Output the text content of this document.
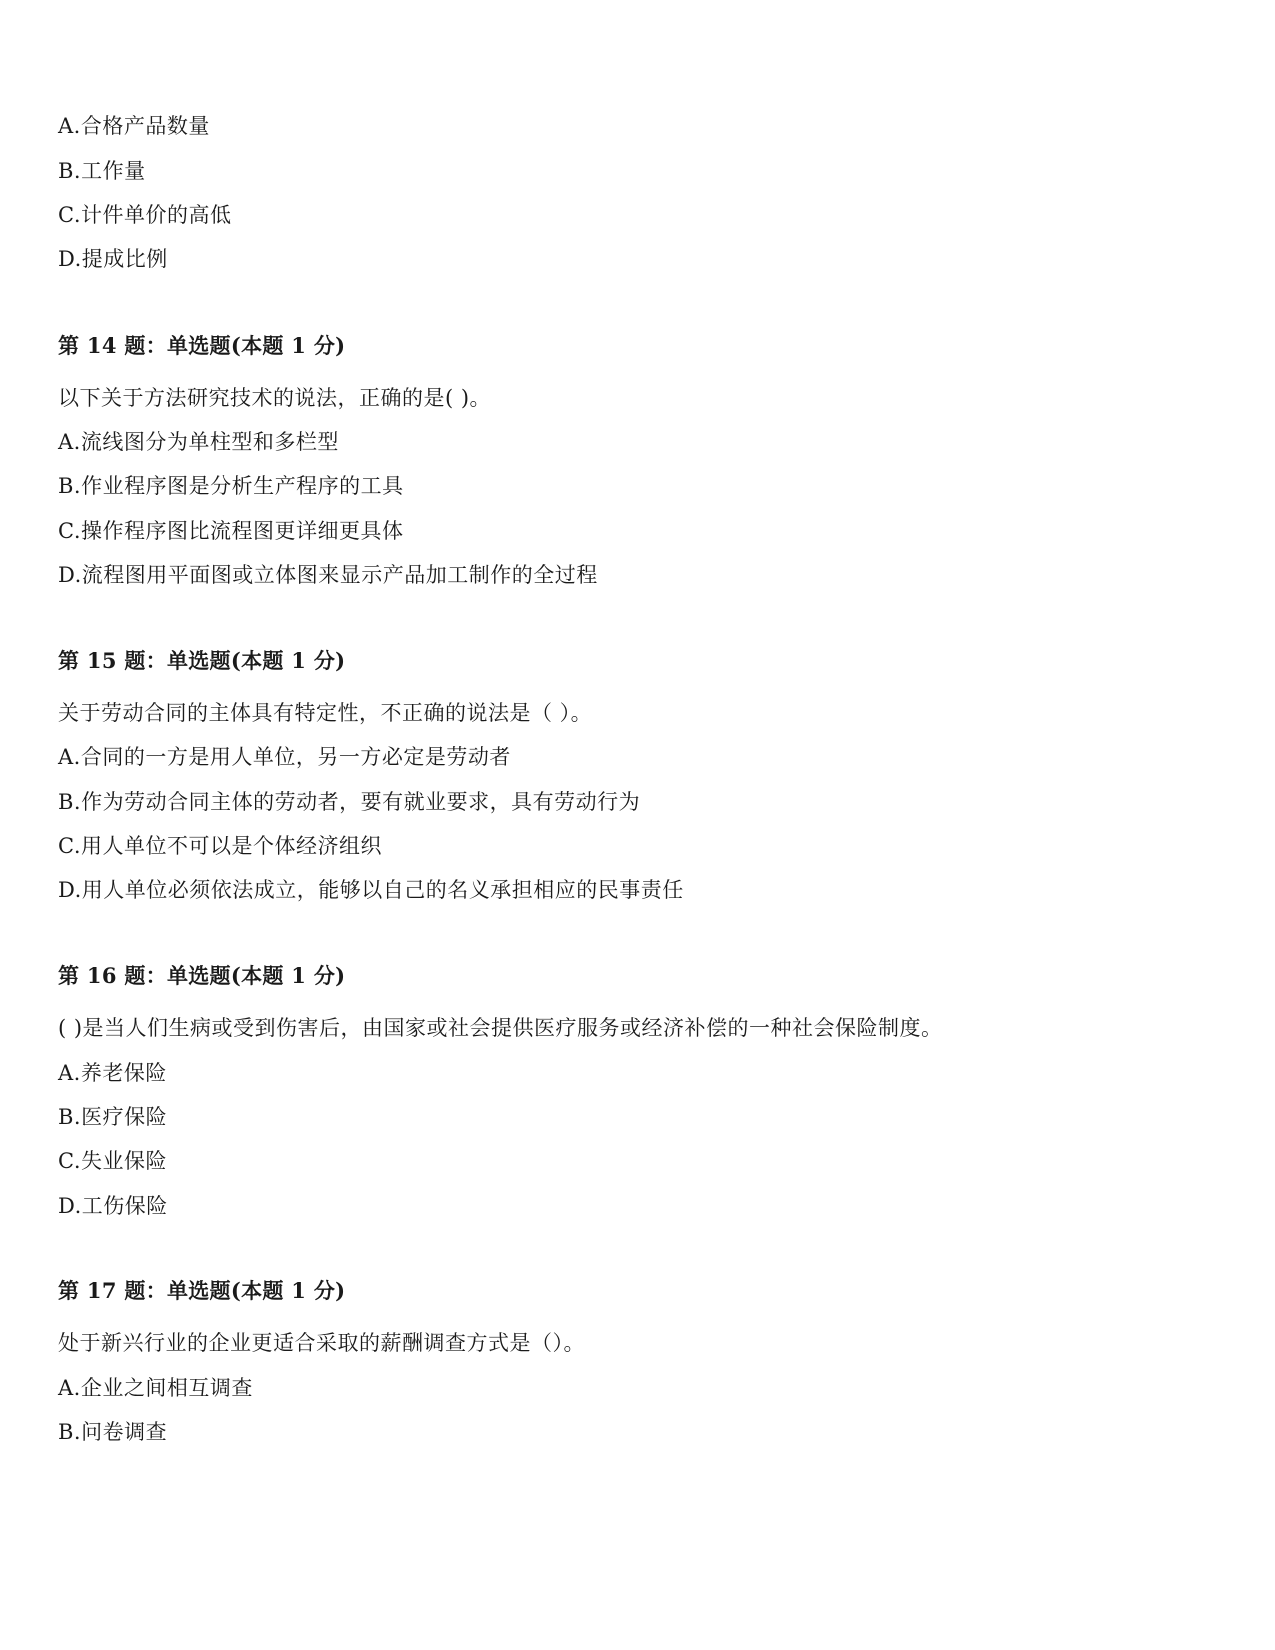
A.合格产品数量
B.工作量
C.计件单价的高低
D.提成比例
第 14 题：单选题(本题 1 分)
以下关于方法研究技术的说法，正确的是( )。
A.流线图分为单柱型和多栏型
B.作业程序图是分析生产程序的工具
C.操作程序图比流程图更详细更具体
D.流程图用平面图或立体图来显示产品加工制作的全过程
第 15 题：单选题(本题 1 分)
关于劳动合同的主体具有特定性，不正确的说法是（ ）。
A.合同的一方是用人单位，另一方必定是劳动者
B.作为劳动合同主体的劳动者，要有就业要求，具有劳动行为
C.用人单位不可以是个体经济组织
D.用人单位必须依法成立，能够以自己的名义承担相应的民事责任
第 16 题：单选题(本题 1 分)
( )是当人们生病或受到伤害后，由国家或社会提供医疗服务或经济补偿的一种社会保险制度。
A.养老保险
B.医疗保险
C.失业保险
D.工伤保险
第 17 题：单选题(本题 1 分)
处于新兴行业的企业更适合采取的薪酬调查方式是（）。
A.企业之间相互调查
B.问卷调查
